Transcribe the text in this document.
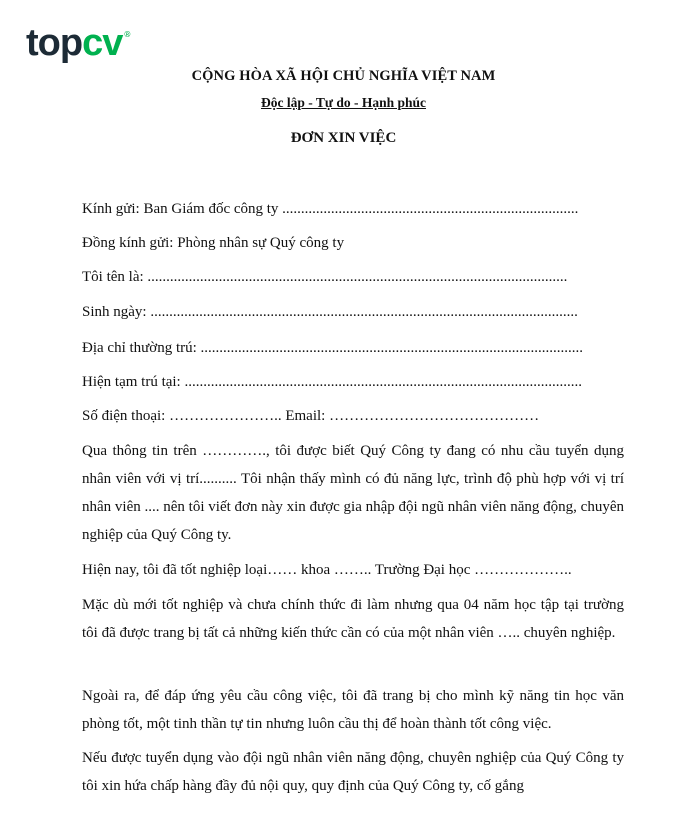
top cv ®
CỘNG HÒA XÃ HỘI CHỦ NGHĨA VIỆT NAM
Độc lập - Tự do - Hạnh phúc
ĐƠN XIN VIỆC
Kính gửi: Ban Giám đốc công ty ...............................................................................
Đồng kính gửi: Phòng nhân sự Quý công ty
Tôi tên là: ................................................................................................................
Sinh ngày: ..................................................................................................................
Địa chỉ thường trú: ......................................................................................................
Hiện tạm trú tại: ..........................................................................................................
Số điện thoại: ………………….. Email: ……………………………………
Qua thông tin trên …………., tôi được biết Quý Công ty đang có nhu cầu tuyển dụng nhân viên với vị trí.......... Tôi nhận thấy mình có đủ năng lực, trình độ phù hợp với vị trí nhân viên .... nên tôi viết đơn này xin được gia nhập đội ngũ nhân viên năng động, chuyên nghiệp của Quý Công ty.
Hiện nay, tôi đã tốt nghiệp loại…… khoa …….. Trường Đại học ………………..
Mặc dù mới tốt nghiệp và chưa chính thức đi làm nhưng qua 04 năm học tập tại trường tôi đã được trang bị tất cả những kiến thức cần có của một nhân viên ….. chuyên nghiệp.
Ngoài ra, để đáp ứng yêu cầu công việc, tôi đã trang bị cho mình kỹ năng tin học văn phòng tốt, một tinh thần tự tin nhưng luôn cầu thị để hoàn thành tốt công việc.
Nếu được tuyển dụng vào đội ngũ nhân viên năng động, chuyên nghiệp của Quý Công ty tôi xin hứa chấp hàng đầy đủ nội quy, quy định của Quý Công ty, cố gắng
